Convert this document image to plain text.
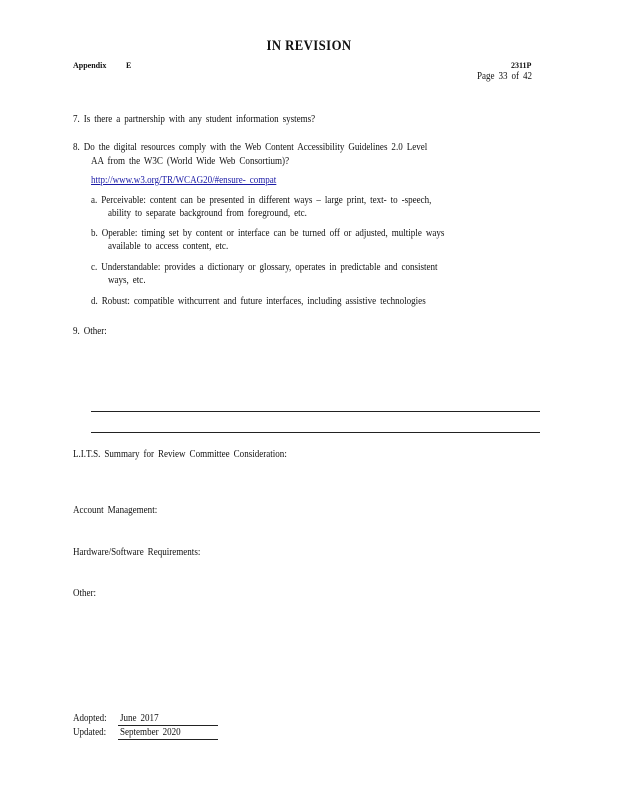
IN REVISION
Appendix E	2311P
Page 33 of 42
7. Is there a partnership with any student information systems?
8. Do the digital resources comply with the Web Content Accessibility Guidelines 2.0 Level
AA from the W3C (World Wide Web Consortium)?
http://www.w3.org/TR/WCAG20/#ensure- compat
a. Perceivable: content can be presented in different ways – large print, text- to -speech,
ability to separate background from foreground, etc.
b. Operable: timing set by content or interface can be turned off or adjusted, multiple ways
available to access content, etc.
c. Understandable: provides a dictionary or glossary, operates in predictable and consistent
ways, etc.
d. Robust: compatible withcurrent and future interfaces, including assistive technologies
9. Other:
L.I.T.S. Summary for Review Committee Consideration:
Account Management:
Hardware/Software Requirements:
Other:
Adopted: June 2017
Updated: September 2020
